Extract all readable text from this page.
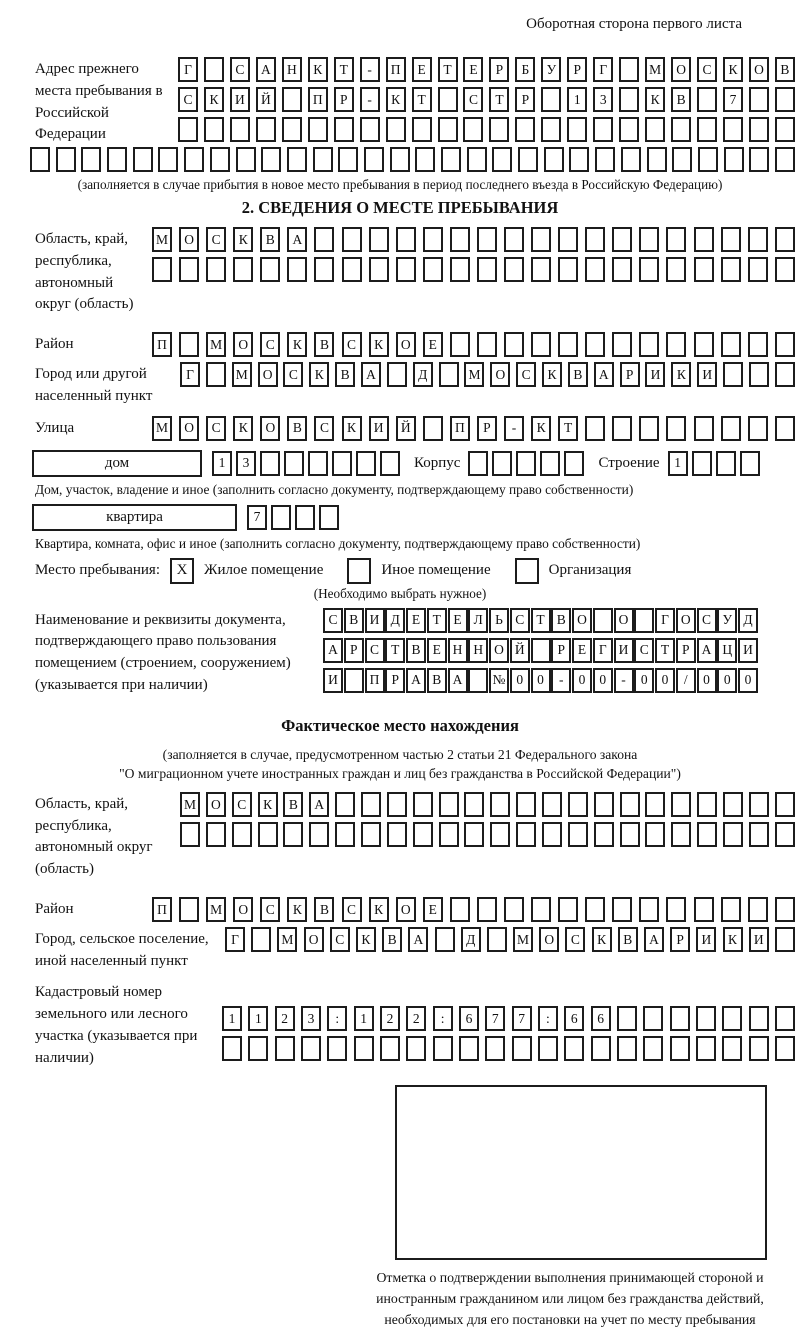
Оборотная сторона первого листа
Адрес прежнего места пребывания в Российской Федерации
Г	С	А	Н	К	Т	-	П	Е	Т	Е	Р	Б	У	Р	Г	М	О	С	К	О	В
С	К	И	Й	П	Р	-	К	Т	С	Т	Р	1	3	К	В	7
(заполняется в случае прибытия в новое место пребывания в период последнего въезда в Российскую Федерацию)
2. СВЕДЕНИЯ О МЕСТЕ ПРЕБЫВАНИЯ
Область, край, республика, автономный округ (область)
М	О	С	К	В	А
Район	П	М	О	С	К	В	С	К	О	Е
Город или другой населенный пункт
Г	М	О	С	К	В	А	Д	М	О	С	К	В	А	Р	И	К	И
Улица	М	О	С	К	О	В	С	К	И	Й	П	Р	-	К	Т
дом	1	3	Корпус	Строение	1
Дом, участок, владение и иное (заполнить согласно документу, подтверждающему право собственности)
квартира	7
Квартира, комната, офис и иное (заполнить согласно документу, подтверждающему право собственности)
Место пребывания:	X	Жилое помещение	Иное помещение	Организация
(Необходимо выбрать нужное)
Наименование и реквизиты документа, подтверждающего право пользования помещением (строением, сооружением) (указывается при наличии)
С В И Д Е Т Е Л Ь С Т В О	О	Г О С У Д
А Р С Т В Е Н Н О Й	Р Е Г И С Т Р А Ц И
И	П Р А В А	№ 0	0	-	0	0	-	0	0	/	0	0	0
Фактическое место нахождения
(заполняется в случае, предусмотренном частью 2 статьи 21 Федерального закона
"О миграционном учете иностранных граждан и лиц без гражданства в Российской Федерации")
Область, край, республика, автономный округ (область)
М	О	С	К	В	А
Район	П	М	О	С	К	В	С	К	О	Е
Город, сельское поселение, иной населенный пункт
Г	М	О	С	К	В	А	Д	М	О	С	К	В	А	Р	И	К	И
Кадастровый номер земельного или лесного участка (указывается при наличии)
1	1	2	3	:	1	2	2	:	6	7	7	:	6	6
Отметка о подтверждении выполнения принимающей стороной и иностранным гражданином или лицом без гражданства действий, необходимых для его постановки на учет по месту пребывания
